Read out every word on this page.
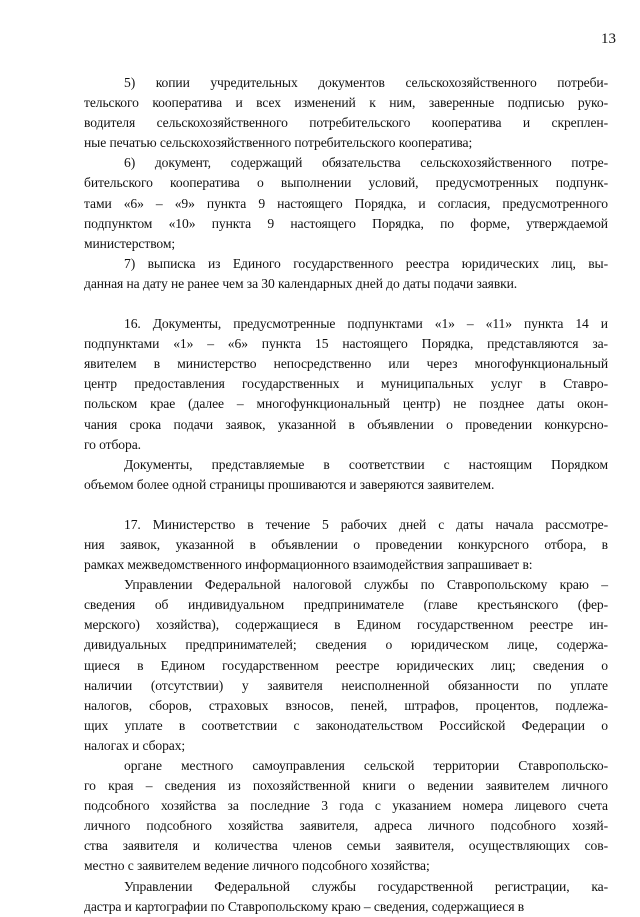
13
5) копии учредительных документов сельскохозяйственного потреби-
тельского кооператива и всех изменений к ним, заверенные подписью руко-
водителя сельскохозяйственного потребительского кооператива и скреплен-
ные печатью сельскохозяйственного потребительского кооператива;
6) документ, содержащий обязательства сельскохозяйственного потре-
бительского кооператива о выполнении условий, предусмотренных подпунк-
тами «6» – «9» пункта 9 настоящего Порядка, и согласия, предусмотренного
подпунктом «10» пункта 9 настоящего Порядка, по форме, утверждаемой
министерством;
7) выписка из Единого государственного реестра юридических лиц, вы-
данная на дату не ранее чем за 30 календарных дней до даты подачи заявки.
16. Документы, предусмотренные подпунктами «1» – «11» пункта 14 и
подпунктами «1» – «6» пункта 15 настоящего Порядка, представляются за-
явителем в министерство непосредственно или через многофункциональный
центр предоставления государственных и муниципальных услуг в Ставро-
польском крае (далее – многофункциональный центр) не позднее даты окон-
чания срока подачи заявок, указанной в объявлении о проведении конкурсно-
го отбора.
Документы, представляемые в соответствии с настоящим Порядком
объемом более одной страницы прошиваются и заверяются заявителем.
17. Министерство в течение 5 рабочих дней с даты начала рассмотре-
ния заявок, указанной в объявлении о проведении конкурсного отбора, в
рамках межведомственного информационного взаимодействия запрашивает в:
Управлении Федеральной налоговой службы по Ставропольскому краю –
сведения об индивидуальном предпринимателе (главе крестьянского (фер-
мерского) хозяйства), содержащиеся в Едином государственном реестре ин-
дивидуальных предпринимателей; сведения о юридическом лице, содержа-
щиеся в Едином государственном реестре юридических лиц; сведения о
наличии (отсутствии) у заявителя неисполненной обязанности по уплате
налогов, сборов, страховых взносов, пеней, штрафов, процентов, подлежа-
щих уплате в соответствии с законодательством Российской Федерации о
налогах и сборах;
органе местного самоуправления сельской территории Ставропольско-
го края – сведения из похозяйственной книги о ведении заявителем личного
подсобного хозяйства за последние 3 года с указанием номера лицевого счета
личного подсобного хозяйства заявителя, адреса личного подсобного хозяй-
ства заявителя и количества членов семьи заявителя, осуществляющих сов-
местно с заявителем ведение личного подсобного хозяйства;
Управлении Федеральной службы государственной регистрации, ка-
дастра и картографии по Ставропольскому краю – сведения, содержащиеся в
